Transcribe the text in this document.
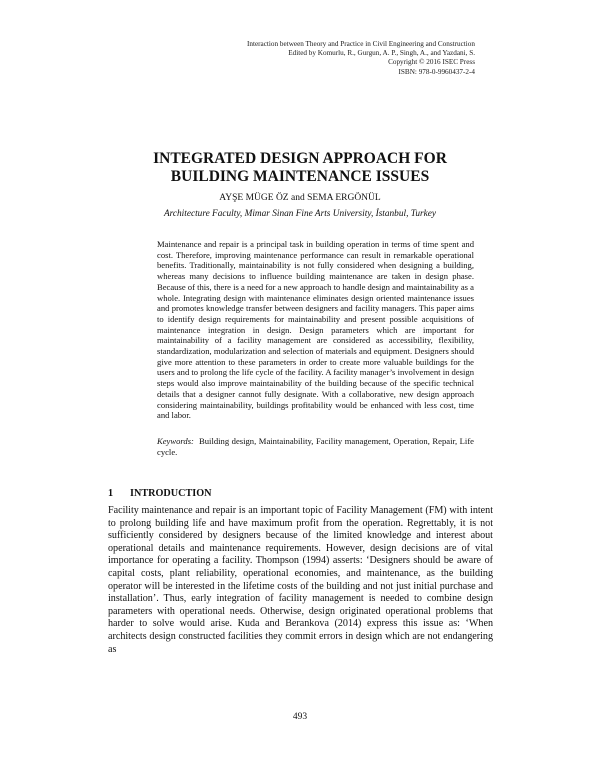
Interaction between Theory and Practice in Civil Engineering and Construction
Edited by Komurlu, R., Gurgun, A. P., Singh, A., and Yazdani, S.
Copyright © 2016 ISEC Press
ISBN: 978-0-9960437-2-4
INTEGRATED DESIGN APPROACH FOR
BUILDING MAINTENANCE ISSUES
AYŞE MÜGE ÖZ and SEMA ERGÖNÜL
Architecture Faculty, Mimar Sinan Fine Arts University, İstanbul, Turkey
Maintenance and repair is a principal task in building operation in terms of time spent and cost. Therefore, improving maintenance performance can result in remarkable operational benefits. Traditionally, maintainability is not fully considered when designing a building, whereas many decisions to influence building maintenance are taken in design phase. Because of this, there is a need for a new approach to handle design and maintainability as a whole. Integrating design with maintenance eliminates design oriented maintenance issues and promotes knowledge transfer between designers and facility managers. This paper aims to identify design requirements for maintainability and present possible acquisitions of maintenance integration in design. Design parameters which are important for maintainability of a facility management are considered as accessibility, flexibility, standardization, modularization and selection of materials and equipment. Designers should give more attention to these parameters in order to create more valuable buildings for the users and to prolong the life cycle of the facility. A facility manager’s involvement in design steps would also improve maintainability of the building because of the specific technical details that a designer cannot fully designate. With a collaborative, new design approach considering maintainability, buildings profitability would be enhanced with less cost, time and labor.
Keywords: Building design, Maintainability, Facility management, Operation, Repair, Life cycle.
1 INTRODUCTION

Facility maintenance and repair is an important topic of Facility Management (FM) with intent to prolong building life and have maximum profit from the operation. Regrettably, it is not sufficiently considered by designers because of the limited knowledge and interest about operational details and maintenance requirements. However, design decisions are of vital importance for operating a facility. Thompson (1994) asserts: ‘Designers should be aware of capital costs, plant reliability, operational economies, and maintenance, as the building operator will be interested in the lifetime costs of the building and not just initial purchase and installation’. Thus, early integration of facility management is needed to combine design parameters with operational needs. Otherwise, design originated operational problems that harder to solve would arise. Kuda and Berankova (2014) express this issue as: ‘When architects design constructed facilities they commit errors in design which are not endangering as

493
